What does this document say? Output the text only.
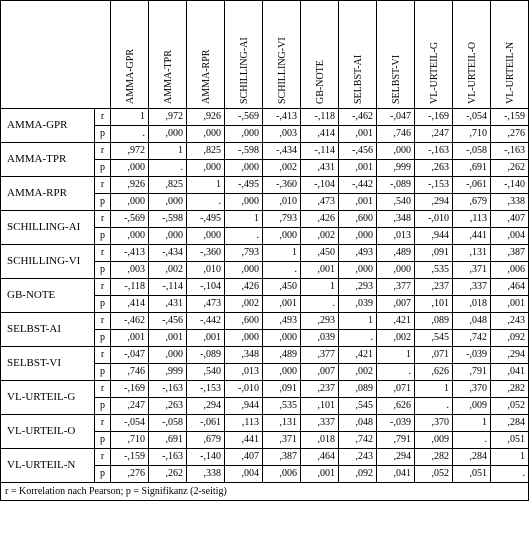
		AMMA-GPR	AMMA-TPR	AMMA-RPR	SCHILLING-AI	SCHILLING-VI	GB-NOTE	SELBST-AI	SELBST-VI	VL-URTEIL-G	VL-URTEIL-O	VL-URTEIL-N

AMMA-GPR	r	1	,972	,926	-,569	-,413	-,118	-,462	-,047	-,169	-,054	-,159
	p	.	,000	,000	,000	,003	,414	,001	,746	,247	,710	,276
AMMA-TPR	r	,972	1	,825	-,598	-,434	-,114	-,456	,000	-,163	-,058	-,163
	p	,000	.	,000	,000	,002	,431	,001	,999	,263	,691	,262
AMMA-RPR	r	,926	,825	1	-,495	-,360	-,104	-,442	-,089	-,153	-,061	-,140
	p	,000	,000	.	,000	,010	,473	,001	,540	,294	,679	,338
SCHILLING-AI	r	-,569	-,598	-,495	1	,793	,426	,600	,348	-,010	,113	,407
	p	,000	,000	,000	.	,000	,002	,000	,013	,944	,441	,004
SCHILLING-VI	r	-,413	-,434	-,360	,793	1	,450	,493	,489	,091	,131	,387
	p	,003	,002	,010	,000	.	,001	,000	,000	,535	,371	,006
GB-NOTE	r	-,118	-,114	-,104	,426	,450	1	,293	,377	,237	,337	,464
	p	,414	,431	,473	,002	,001	.	,039	,007	,101	,018	,001
SELBST-AI	r	-,462	-,456	-,442	,600	,493	,293	1	,421	,089	,048	,243
	p	,001	,001	,001	,000	,000	,039	.	,002	,545	,742	,092
SELBST-VI	r	-,047	,000	-,089	,348	,489	,377	,421	1	,071	-,039	,294
	p	,746	,999	,540	,013	,000	,007	,002	.	,626	,791	,041
VL-URTEIL-G	r	-,169	-,163	-,153	-,010	,091	,237	,089	,071	1	,370	,282
	p	,247	,263	,294	,944	,535	,101	,545	,626	.	,009	,052
VL-URTEIL-O	r	-,054	-,058	-,061	,113	,131	,337	,048	-,039	,370	1	,284
	p	,710	,691	,679	,441	,371	,018	,742	,791	,009	.	,051
VL-URTEIL-N	r	-,159	-,163	-,140	,407	,387	,464	,243	,294	,282	,284	1
	p	,276	,262	,338	,004	,006	,001	,092	,041	,052	,051	.
r = Korrelation nach Pearson; p = Signifikanz (2-seitig)												
